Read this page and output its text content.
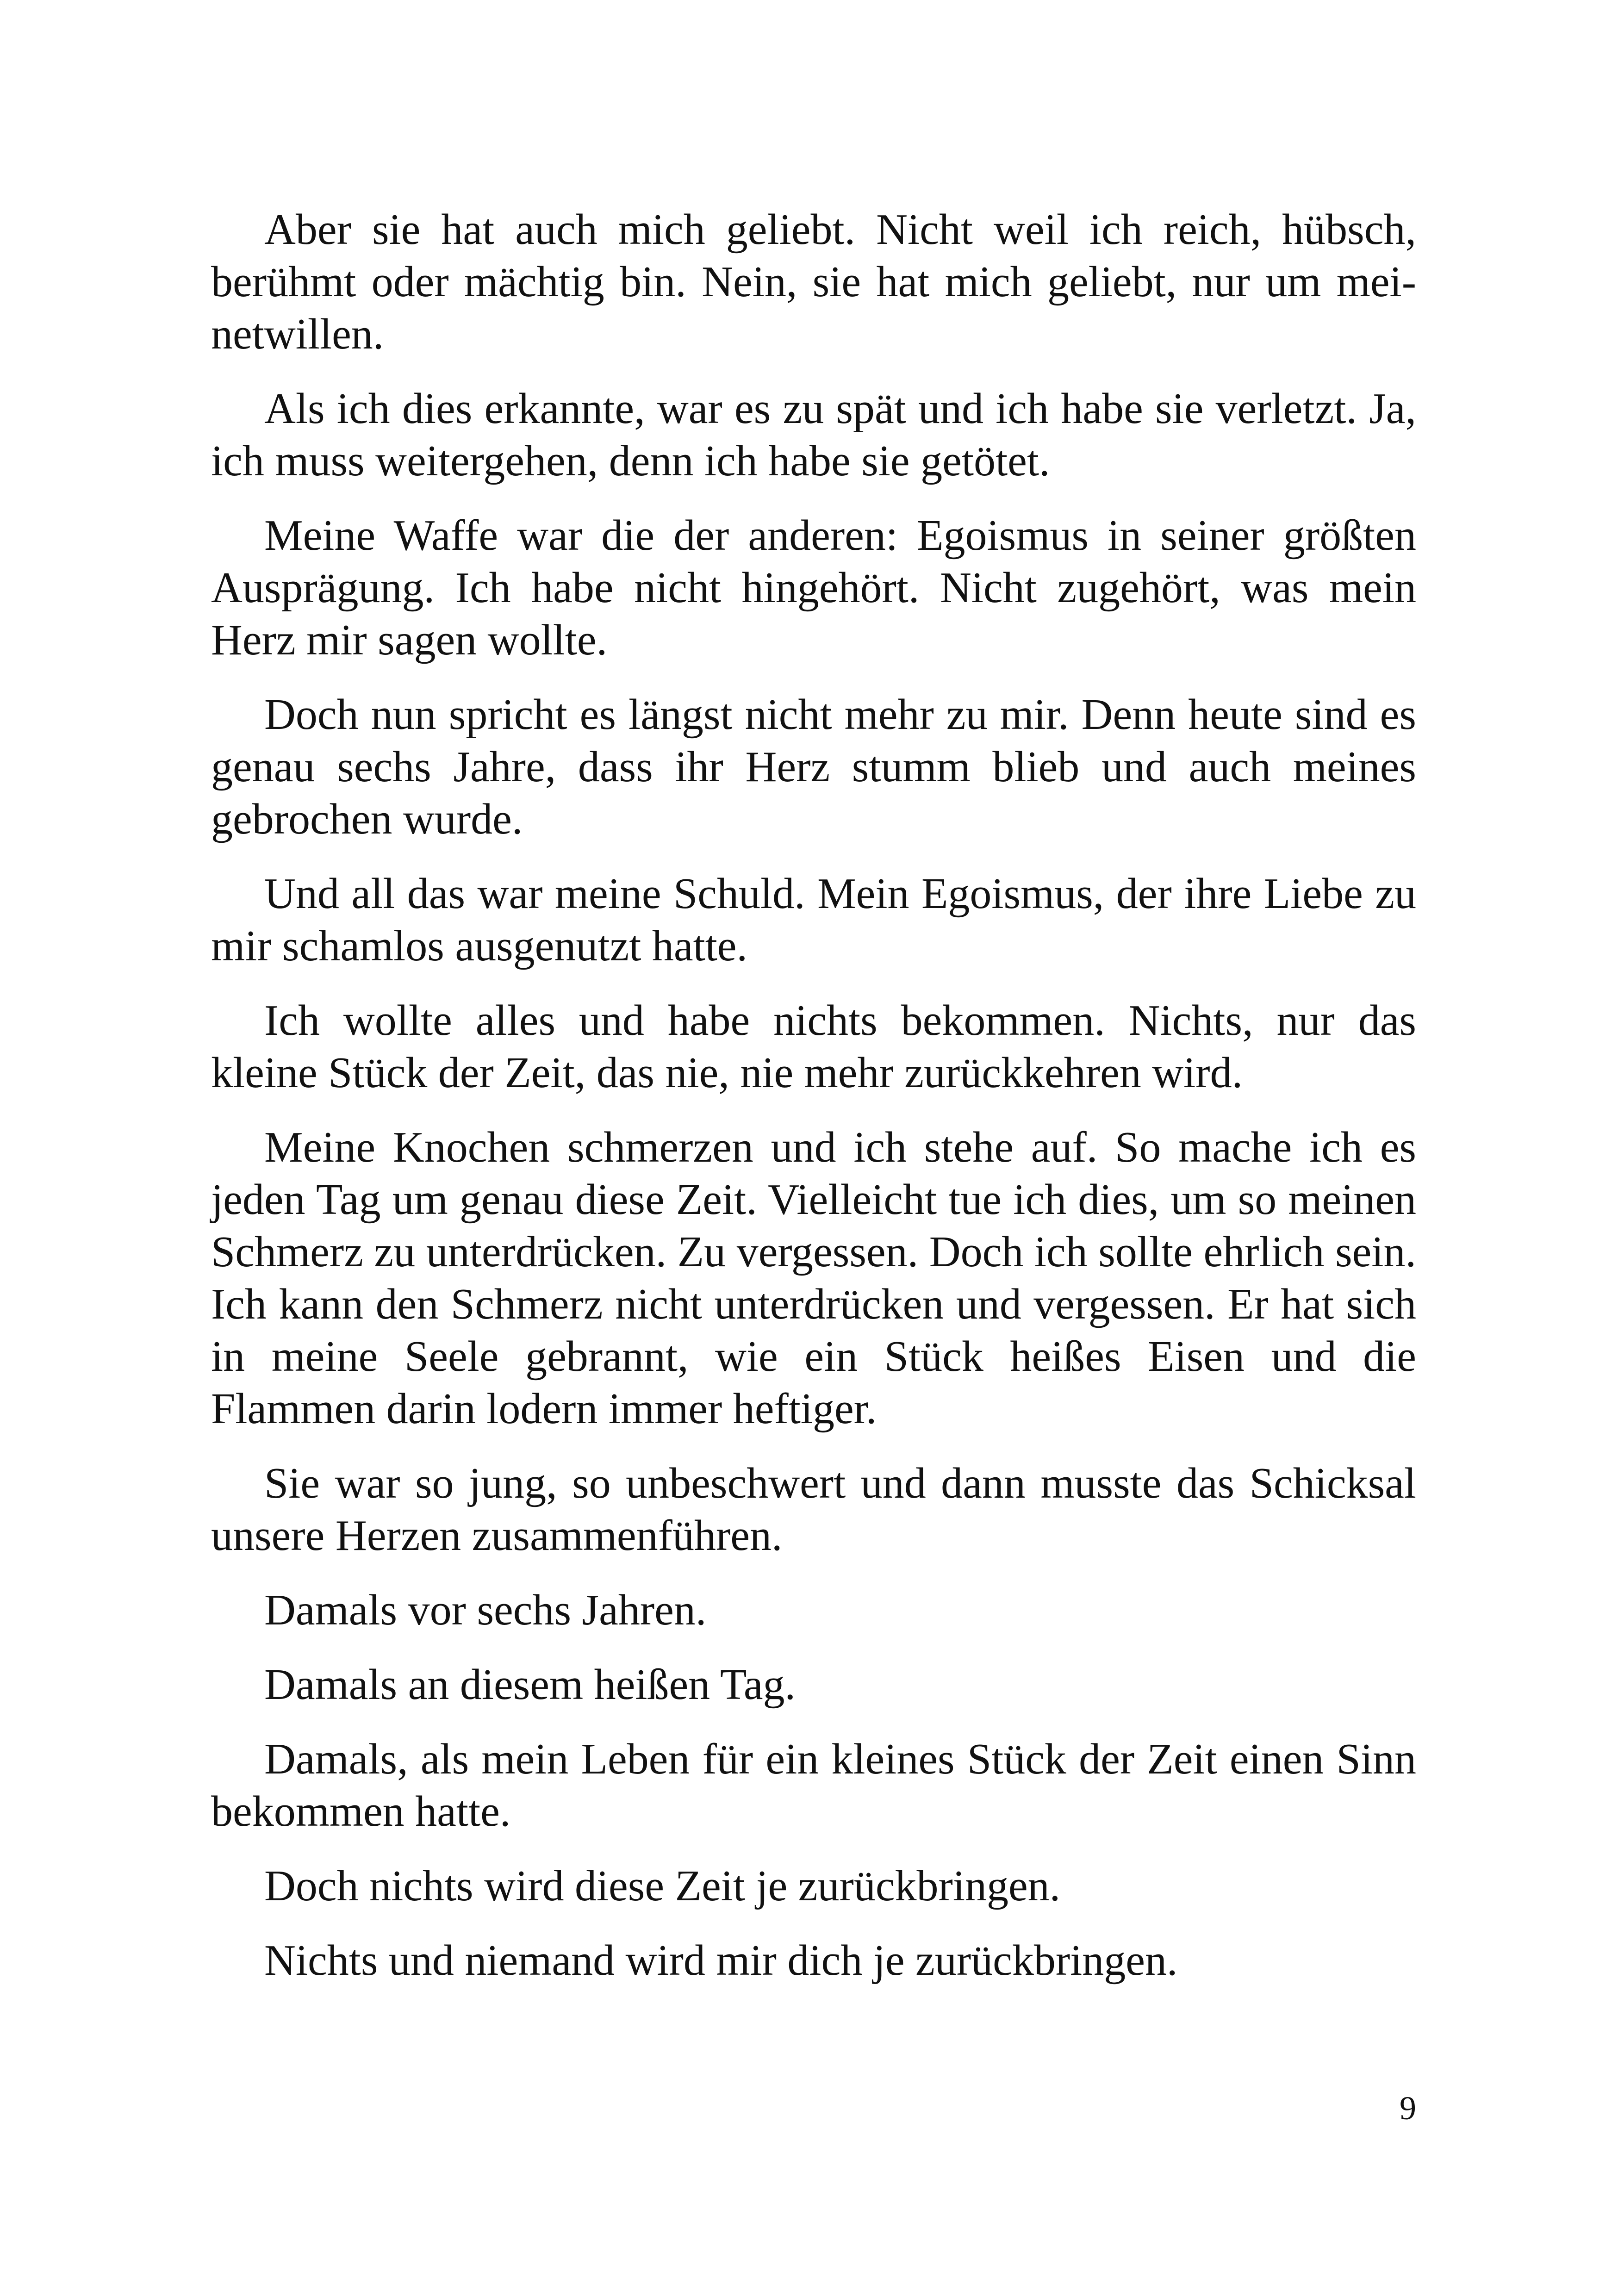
Aber sie hat auch mich geliebt. Nicht weil ich reich, hübsch, berühmt oder mächtig bin. Nein, sie hat mich geliebt, nur um meinetwillen.

Als ich dies erkannte, war es zu spät und ich habe sie verletzt. Ja, ich muss weitergehen, denn ich habe sie getötet.

Meine Waffe war die der anderen: Egoismus in seiner größten Ausprägung. Ich habe nicht hingehört. Nicht zugehört, was mein Herz mir sagen wollte.

Doch nun spricht es längst nicht mehr zu mir. Denn heute sind es genau sechs Jahre, dass ihr Herz stumm blieb und auch meines gebrochen wurde.

Und all das war meine Schuld. Mein Egoismus, der ihre Liebe zu mir schamlos ausgenutzt hatte.

Ich wollte alles und habe nichts bekommen. Nichts, nur das kleine Stück der Zeit, das nie, nie mehr zurückkehren wird.

Meine Knochen schmerzen und ich stehe auf. So mache ich es jeden Tag um genau diese Zeit. Vielleicht tue ich dies, um so meinen Schmerz zu unterdrücken. Zu vergessen. Doch ich sollte ehrlich sein. Ich kann den Schmerz nicht unterdrücken und vergessen. Er hat sich in meine Seele gebrannt, wie ein Stück heißes Eisen und die Flammen darin lodern immer heftiger.

Sie war so jung, so unbeschwert und dann musste das Schicksal unsere Herzen zusammenführen.

Damals vor sechs Jahren.

Damals an diesem heißen Tag.

Damals, als mein Leben für ein kleines Stück der Zeit einen Sinn bekommen hatte.

Doch nichts wird diese Zeit je zurückbringen.

Nichts und niemand wird mir dich je zurückbringen.

9
